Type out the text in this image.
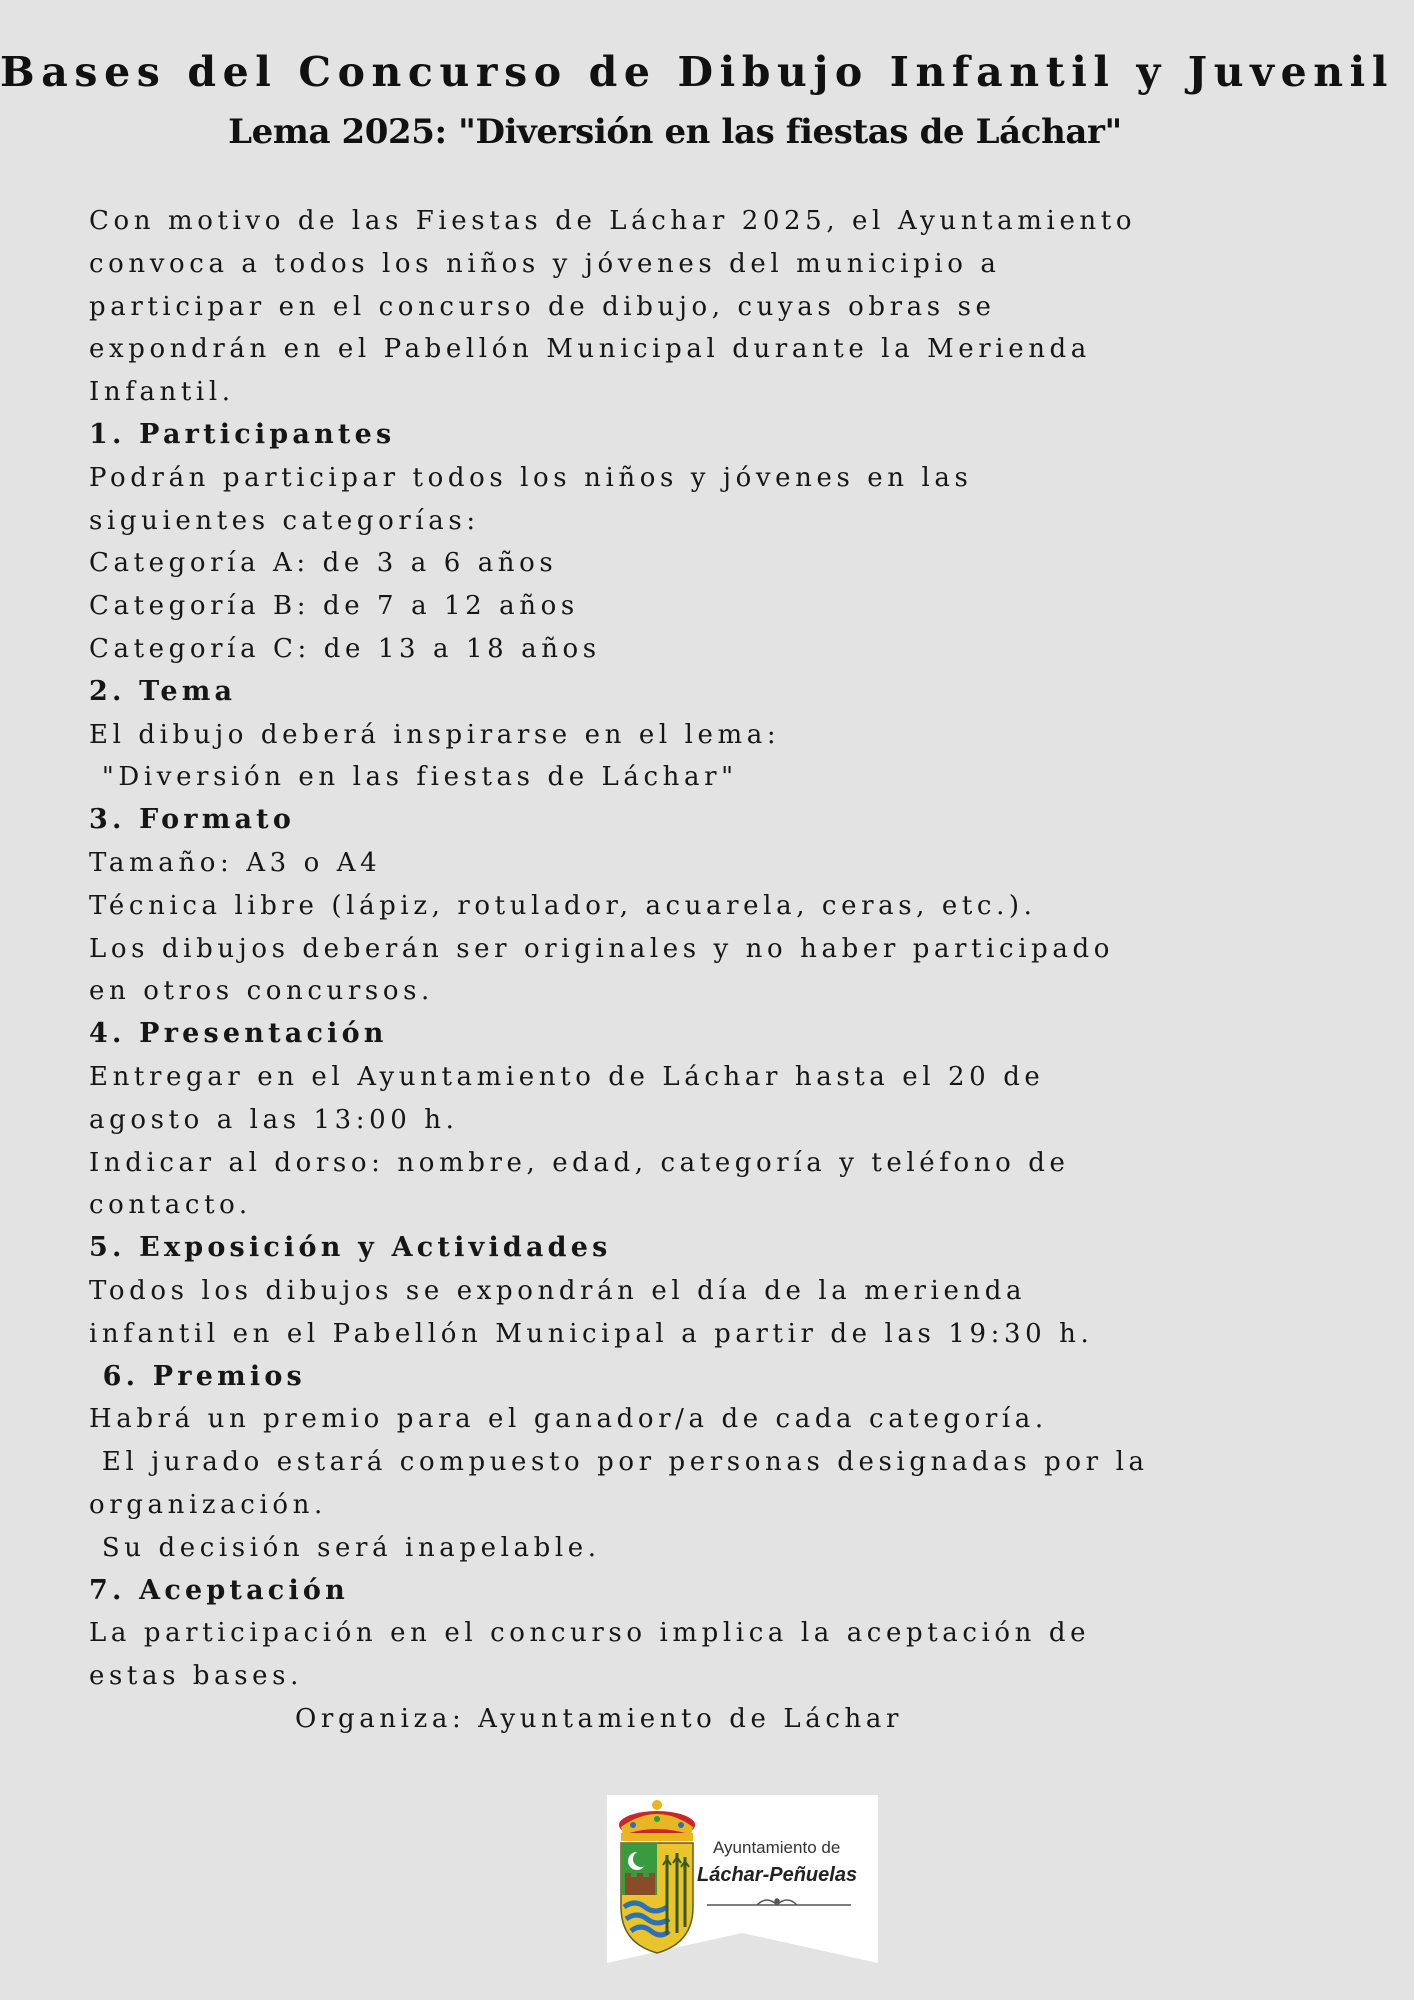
Bases del Concurso de Dibujo Infantil y Juvenil
Lema 2025: "Diversión en las fiestas de Láchar"
Con motivo de las Fiestas de Láchar 2025, el Ayuntamiento
convoca a todos los niños y jóvenes del municipio a
participar en el concurso de dibujo, cuyas obras se
expondrán en el Pabellón Municipal durante la Merienda
Infantil.
1. Participantes
Podrán participar todos los niños y jóvenes en las
siguientes categorías:
Categoría A: de 3 a 6 años
Categoría B: de 7 a 12 años
Categoría C: de 13 a 18 años
2. Tema
El dibujo deberá inspirarse en el lema:
"Diversión en las fiestas de Láchar"
3. Formato
Tamaño: A3 o A4
Técnica libre (lápiz, rotulador, acuarela, ceras, etc.).
Los dibujos deberán ser originales y no haber participado
en otros concursos.
4. Presentación
Entregar en el Ayuntamiento de Láchar hasta el 20 de
agosto a las 13:00 h.
Indicar al dorso: nombre, edad, categoría y teléfono de
contacto.
5. Exposición y Actividades
Todos los dibujos se expondrán el día de la merienda
infantil en el Pabellón Municipal a partir de las 19:30 h.
6. Premios
Habrá un premio para el ganador/a de cada categoría.
El jurado estará compuesto por personas designadas por la
organización.
Su decisión será inapelable.
7. Aceptación
La participación en el concurso implica la aceptación de
estas bases.
Organiza: Ayuntamiento de Láchar
Ayuntamiento de
Láchar-Peñuelas
